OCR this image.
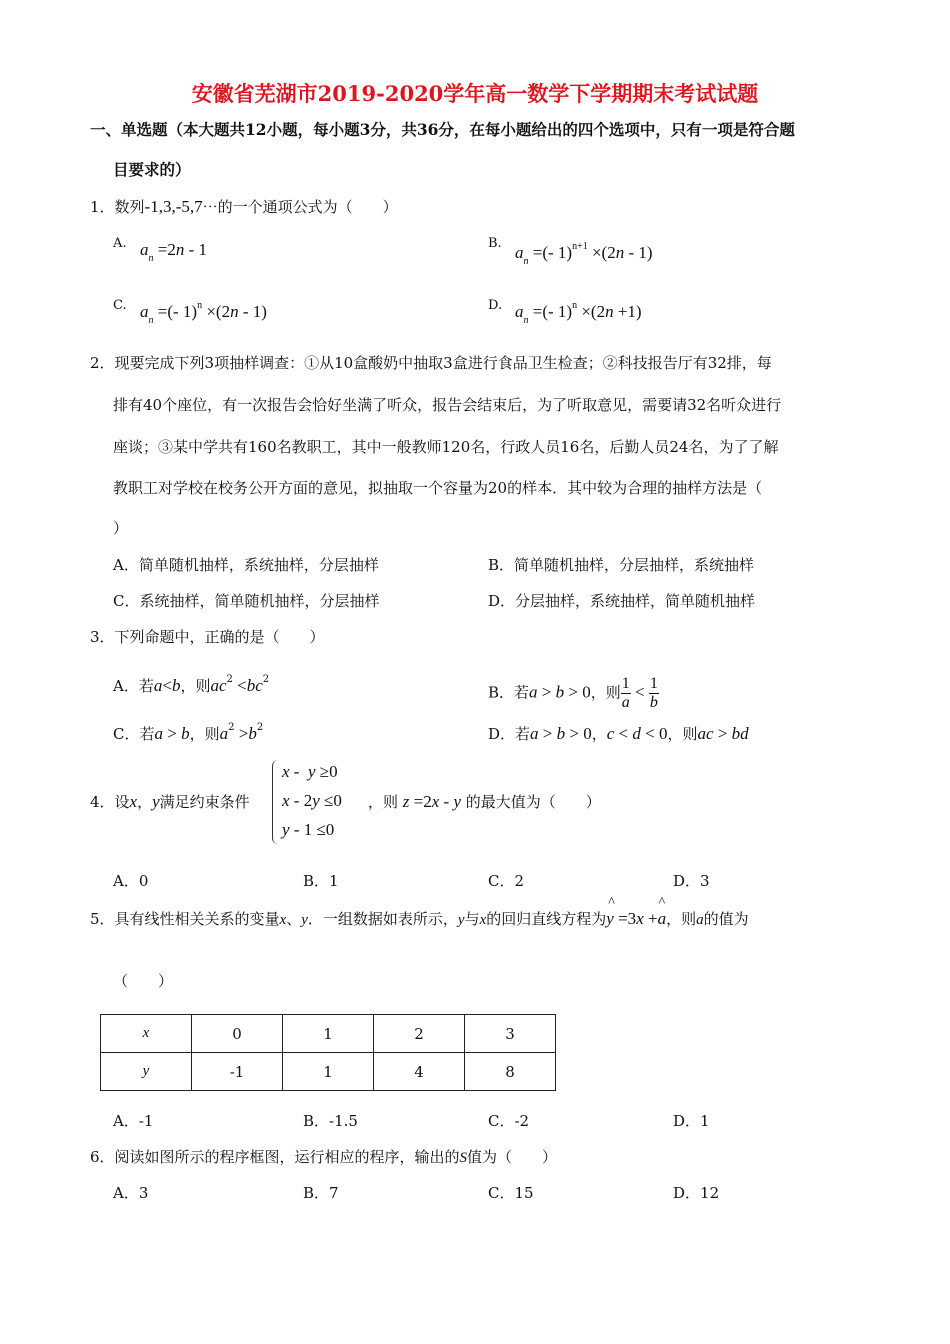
安徽省芜湖市2019-2020学年高一数学下学期期末考试试题
一、单选题（本大题共12小题，每小题3分，共36分，在每小题给出的四个选项中，只有一项是符合题
目要求的）
1．数列-1,3,-5,7⋯的一个通项公式为（　　）
A. $a_n =2n - 1$	B. $a_n$ =(- 1)$^{n+1}$ ×(2n - 1)
C. $a_n$ =(- 1)$^n$ ×(2n - 1)	D. $a_n$ =(- 1)$^n$ ×(2n +1)
2．现要完成下列3项抽样调查：①从10盒酸奶中抽取3盒进行食品卫生检查；②科技报告厅有32排，每
排有40个座位，有一次报告会恰好坐满了听众，报告会结束后，为了听取意见，需要请32名听众进行
座谈；③某中学共有160名教职工，其中一般教师120名，行政人员16名，后勤人员24名，为了了解
教职工对学校在校务公开方面的意见，拟抽取一个容量为20的样本．其中较为合理的抽样方法是（
）
A．简单随机抽样，系统抽样，分层抽样	B．简单随机抽样，分层抽样，系统抽样
C．系统抽样，简单随机抽样，分层抽样	D．分层抽样，系统抽样，简单随机抽样
3．下列命题中，正确的是（　　）
A．若a<b，则$ac^2 <bc^2$
B．若a > b > 0，则 $\frac{1}{a} < \frac{1}{b}$
C．若a > b，则$a^2 >b^2$	D．若a > b > 0，c < d < 0，则ac > bd
4．设x，y满足约束条件
x -  y ≥0
x - 2y ≤0
y - 1 ≤0
，则 z =2x - y 的最大值为（　　）
A．0	B．1	C．2	D．3
5．具有线性相关关系的变量x、y．一组数据如表所示，y与x的回归直线方程为
^
y =3x +
^
a，则a的值为
（　　）
x	0	1	2	3
y	-1	1	4	8
A．-1	B．-1.5	C．-2	D．1
6．阅读如图所示的程序框图，运行相应的程序，输出的S值为（　　）
A．3	B．7	C．15	D．12
